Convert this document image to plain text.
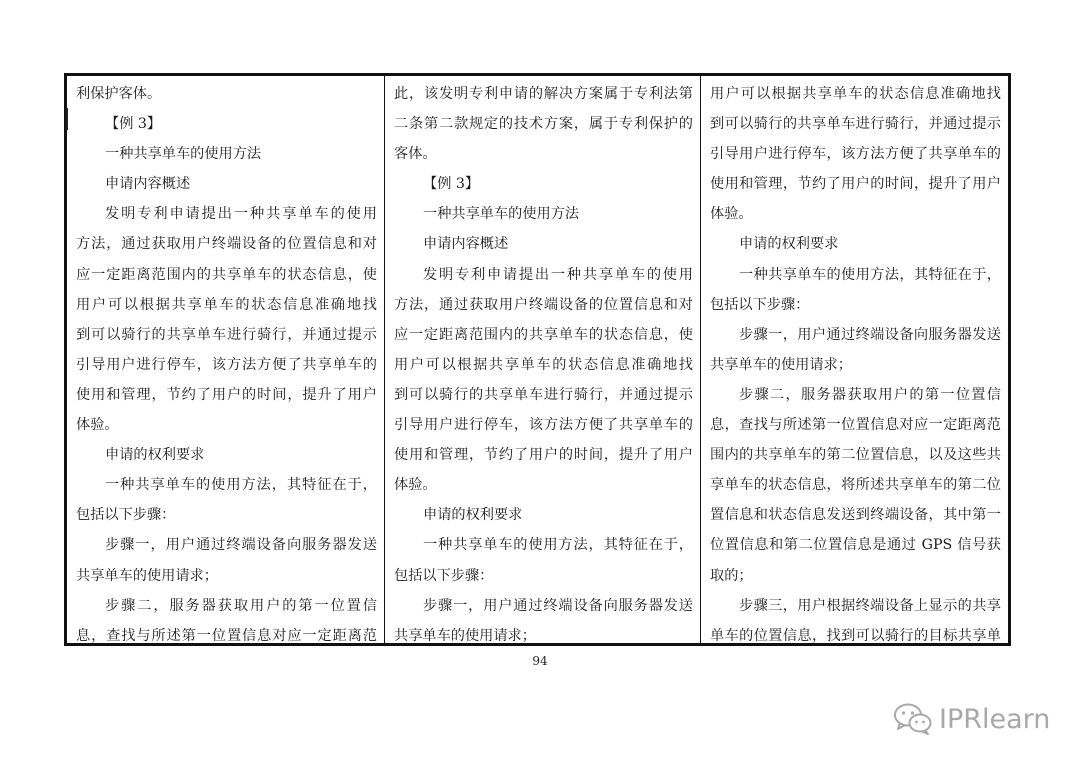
利保护客体。
【例 3】
一种共享单车的使用方法
申请内容概述
发明专利申请提出一种共享单车的使用
方法，通过获取用户终端设备的位置信息和对
应一定距离范围内的共享单车的状态信息，使
用户可以根据共享单车的状态信息准确地找
到可以骑行的共享单车进行骑行，并通过提示
引导用户进行停车，该方法方便了共享单车的
使用和管理，节约了用户的时间，提升了用户
体验。
申请的权利要求
一种共享单车的使用方法，其特征在于，
包括以下步骤：
步骤一，用户通过终端设备向服务器发送
共享单车的使用请求；
步骤二，服务器获取用户的第一位置信
息，查找与所述第一位置信息对应一定距离范
此，该发明专利申请的解决方案属于专利法第
二条第二款规定的技术方案，属于专利保护的
客体。
【例 3】
一种共享单车的使用方法
申请内容概述
发明专利申请提出一种共享单车的使用
方法，通过获取用户终端设备的位置信息和对
应一定距离范围内的共享单车的状态信息，使
用户可以根据共享单车的状态信息准确地找
到可以骑行的共享单车进行骑行，并通过提示
引导用户进行停车，该方法方便了共享单车的
使用和管理，节约了用户的时间，提升了用户
体验。
申请的权利要求
一种共享单车的使用方法，其特征在于，
包括以下步骤：
步骤一，用户通过终端设备向服务器发送
共享单车的使用请求；
用户可以根据共享单车的状态信息准确地找
到可以骑行的共享单车进行骑行，并通过提示
引导用户进行停车，该方法方便了共享单车的
使用和管理，节约了用户的时间，提升了用户
体验。
申请的权利要求
一种共享单车的使用方法，其特征在于，
包括以下步骤：
步骤一，用户通过终端设备向服务器发送
共享单车的使用请求；
步骤二，服务器获取用户的第一位置信
息，查找与所述第一位置信息对应一定距离范
围内的共享单车的第二位置信息，以及这些共
享单车的状态信息，将所述共享单车的第二位
置信息和状态信息发送到终端设备，其中第一
位置信息和第二位置信息是通过 GPS 信号获
取的；
步骤三，用户根据终端设备上显示的共享
单车的位置信息，找到可以骑行的目标共享单
94
IPRlearn
